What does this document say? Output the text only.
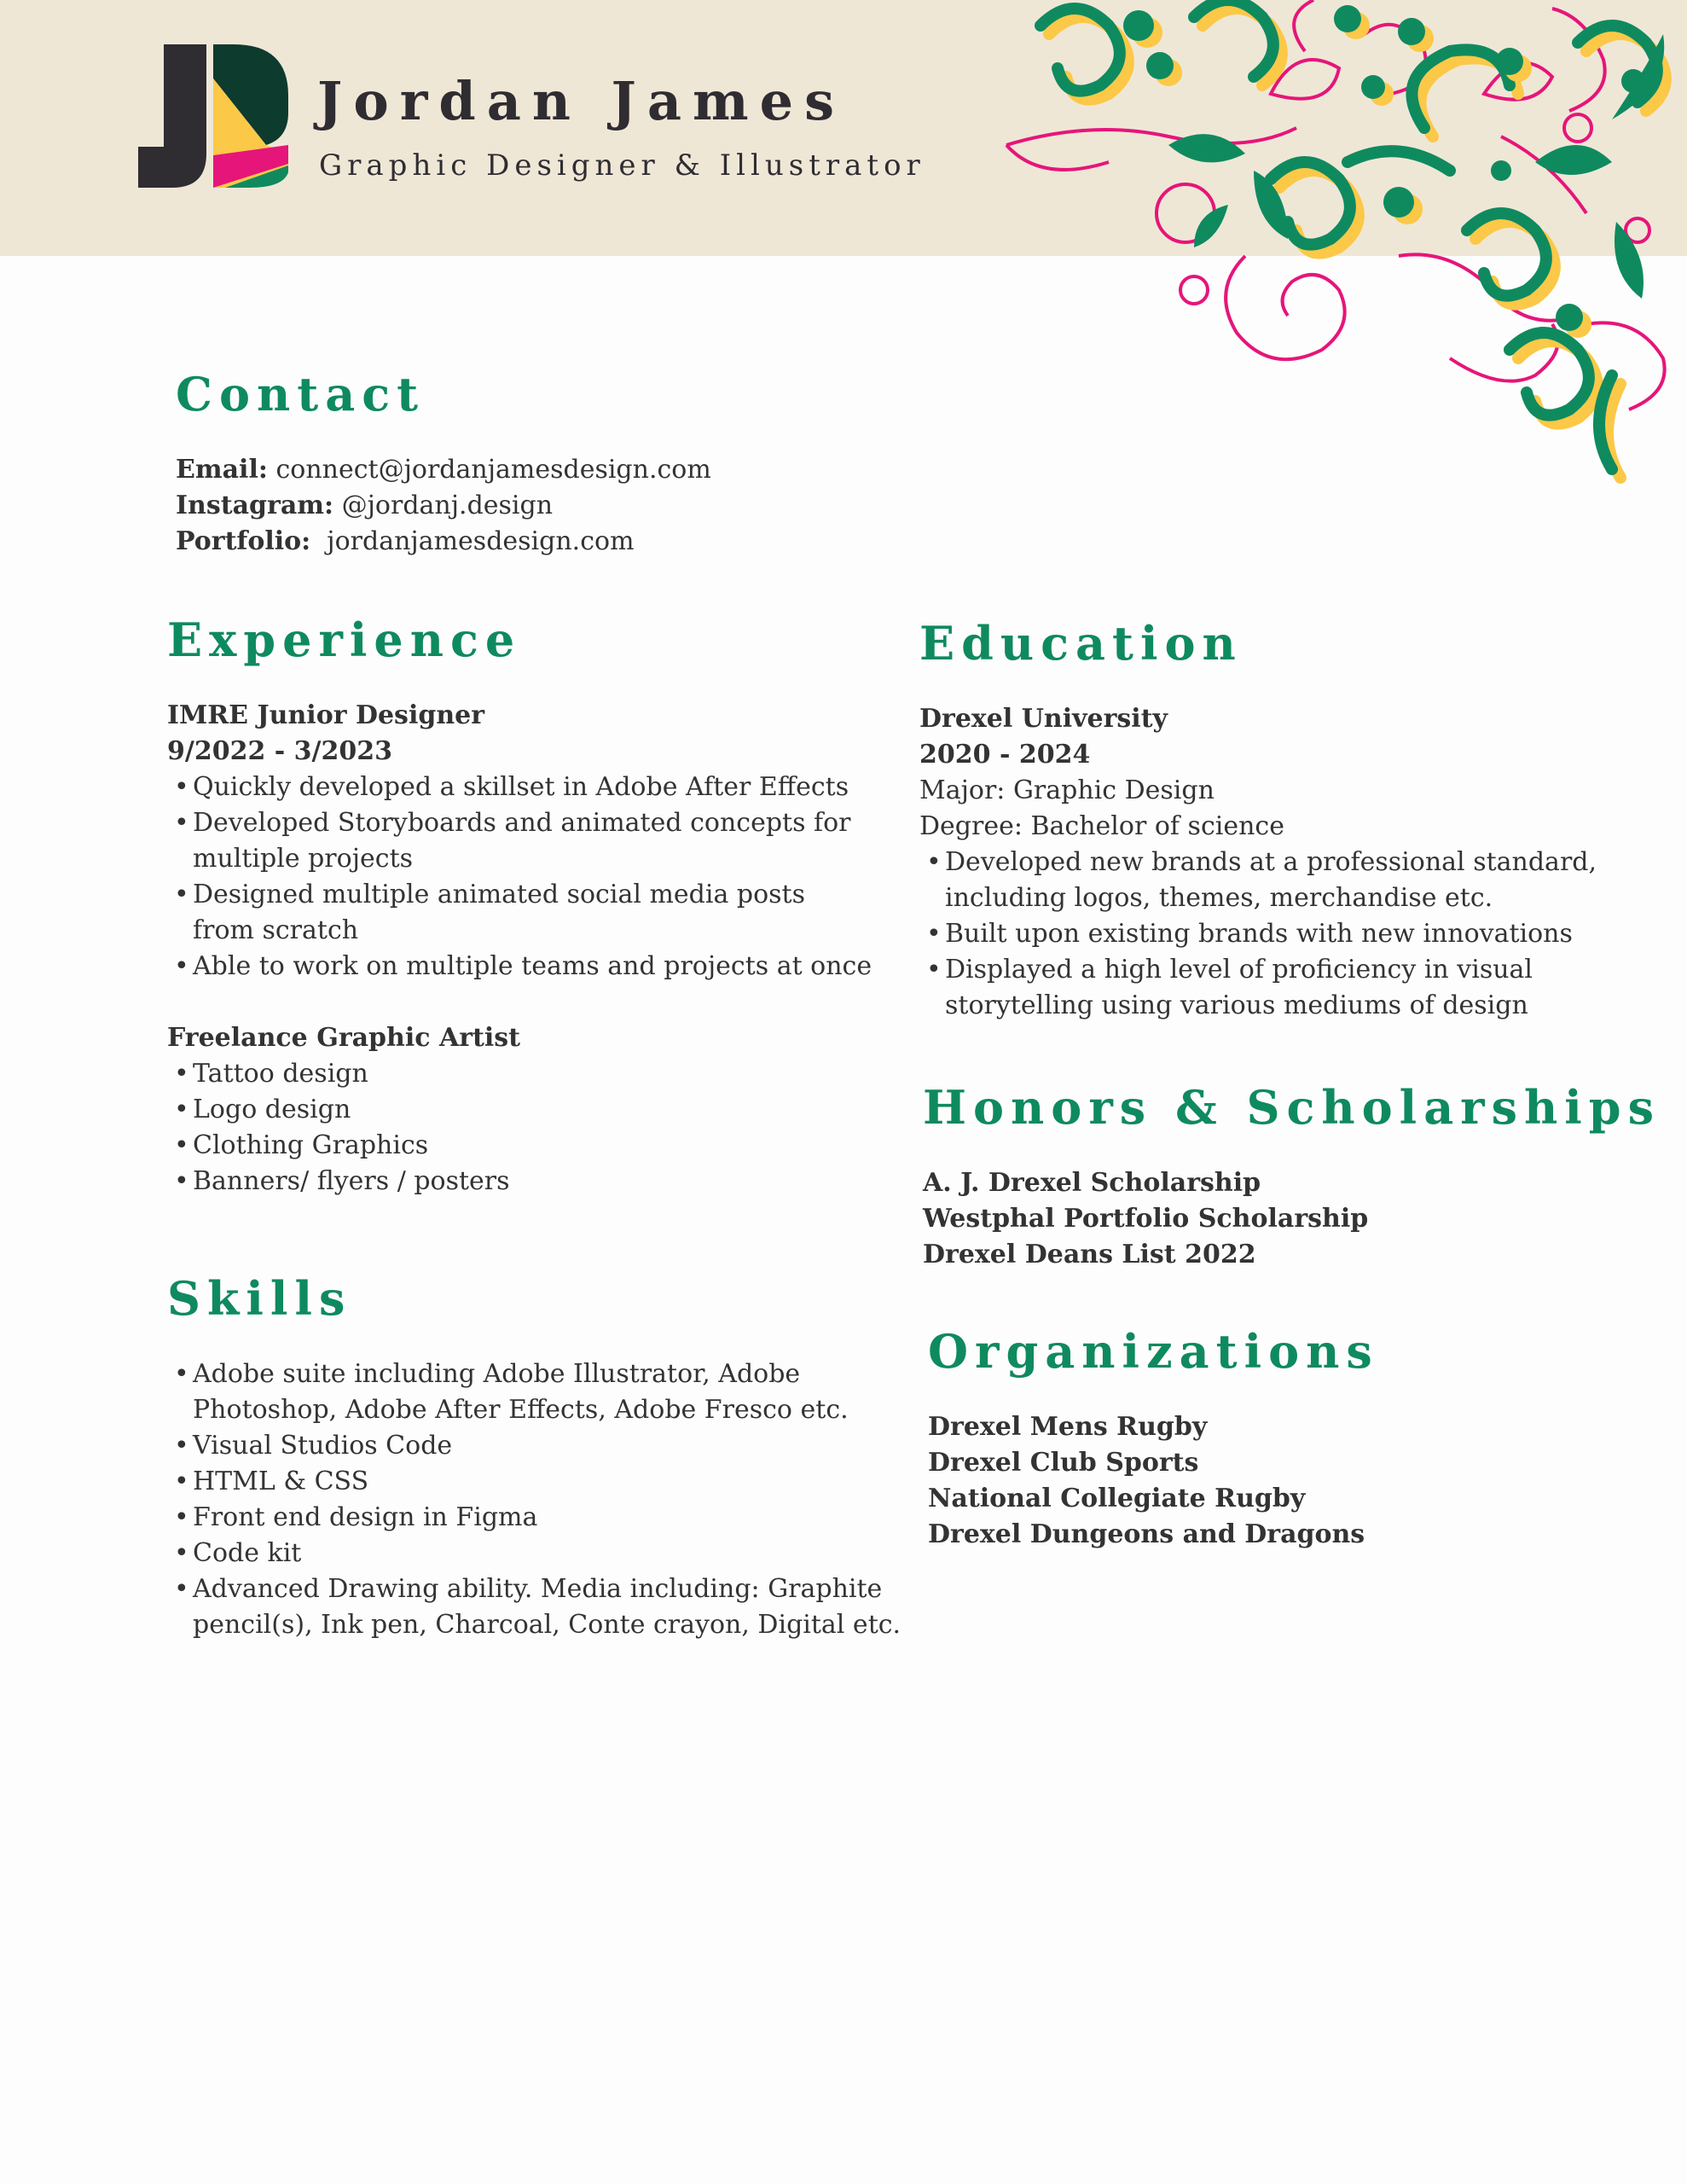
Jordan James
Graphic Designer & Illustrator
Contact
Email: connect@jordanjamesdesign.com
Instagram: @jordanj.design
Portfolio: jordanjamesdesign.com
Experience
IMRE Junior Designer
9/2022 - 3/2023
• Quickly developed a skillset in Adobe After Effects
• Developed Storyboards and animated concepts for
multiple projects
• Designed multiple animated social media posts
from scratch
• Able to work on multiple teams and projects at once
Freelance Graphic Artist
• Tattoo design
• Logo design
• Clothing Graphics
• Banners/ flyers / posters
Skills
• Adobe suite including Adobe Illustrator, Adobe
Photoshop, Adobe After Effects, Adobe Fresco etc.
• Visual Studios Code
• HTML & CSS
• Front end design in Figma
• Code kit
• Advanced Drawing ability. Media including: Graphite
pencil(s), Ink pen, Charcoal, Conte crayon, Digital etc.
Education
Drexel University
2020 - 2024
Major: Graphic Design
Degree: Bachelor of science
• Developed new brands at a professional standard,
including logos, themes, merchandise etc.
• Built upon existing brands with new innovations
• Displayed a high level of proficiency in visual
storytelling using various mediums of design
Honors & Scholarships
A. J. Drexel Scholarship
Westphal Portfolio Scholarship
Drexel Deans List 2022
Organizations
Drexel Mens Rugby
Drexel Club Sports
National Collegiate Rugby
Drexel Dungeons and Dragons
